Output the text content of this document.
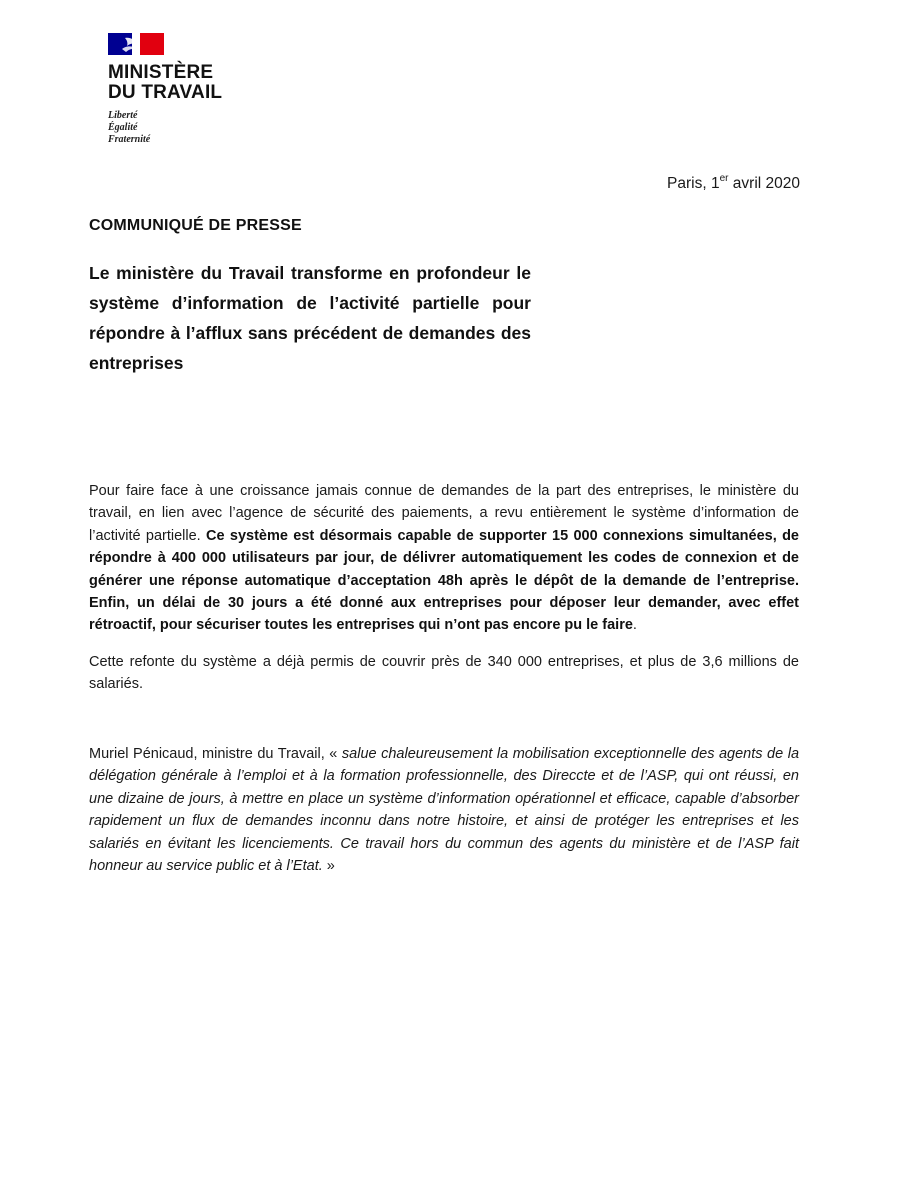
MINISTÈRE
DU TRAVAIL
Liberté
Égalité
Fraternité
Paris, 1er avril 2020
COMMUNIQUÉ DE PRESSE
Le ministère du Travail transforme en profondeur le système d’information de l’activité partielle pour répondre à l’afflux sans précédent de demandes des entreprises
Pour faire face à une croissance jamais connue de demandes de la part des entreprises, le ministère du travail, en lien avec l’agence de sécurité des paiements, a revu entièrement le système d’information de l’activité partielle. Ce système est désormais capable de supporter 15 000 connexions simultanées, de répondre à 400 000 utilisateurs par jour, de délivrer automatiquement les codes de connexion et de générer une réponse automatique d’acceptation 48h après le dépôt de la demande de l’entreprise. Enfin, un délai de 30 jours a été donné aux entreprises pour déposer leur demander, avec effet rétroactif, pour sécuriser toutes les entreprises qui n’ont pas encore pu le faire.
Cette refonte du système a déjà permis de couvrir près de 340 000 entreprises, et plus de 3,6 millions de salariés.
Muriel Pénicaud, ministre du Travail, « salue chaleureusement la mobilisation exceptionnelle des agents de la délégation générale à l’emploi et à la formation professionnelle, des Direccte et de l’ASP, qui ont réussi, en une dizaine de jours, à mettre en place un système d’information opérationnel et efficace, capable d’absorber rapidement un flux de demandes inconnu dans notre histoire, et ainsi de protéger les entreprises et les salariés en évitant les licenciements. Ce travail hors du commun des agents du ministère et de l’ASP fait honneur au service public et à l’Etat. »
